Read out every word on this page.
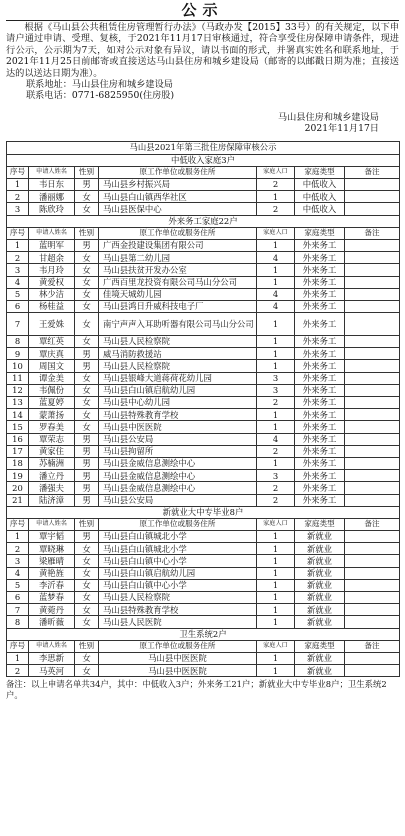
公示

根据《马山县公共租赁住房管理暂行办法》（马政办发【2015】33号）的有关规定，以下申请户通过申请、受理、复核，于2021年11月17日审核通过，符合享受住房保障申请条件，现进行公示，公示期为7天，如对公示对象有异议，请以书面的形式，并署真实姓名和联系地址，于2021年11月25日前邮寄或直接送达马山县住房和城乡建设局（邮寄的以邮戳日期为准；直接送达的以送达日期为准）。

联系地址：马山县住房和城乡建设局
联系电话：0771-6825950(住房股)
马山县住房和城乡建设局
2021年11月17日
马山县2021年第三批住房保障审核公示						
中低收入家庭3户						
序号	申请人姓名	性别	原工作单位或服务住所	家庭人口	家庭类型	备注
1	韦日东	男	马山县乡村振兴局	2	中低收入	
2	潘丽娜	女	马山县白山镇西华社区	1	中低收入	
3	陈欣玲	女	马山县医保中心	2	中低收入	
外来务工家庭22户						
序号	申请人姓名	性别	原工作单位或服务住所	家庭人口	家庭类型	备注
1	蓝明军	男	广西金投建设集团有限公司	1	外来务工	
2	甘超余	女	马山县第二幼儿园	4	外来务工	
3	韦月玲	女	马山县扶贫开发办公室	1	外来务工	
4	黄爱权	女	广西百里龙投资有限公司马山分公司	1	外来务工	
5	林少洁	女	佳境天城幼儿园	4	外来务工	
6	杨桂益	女	马山县鸿日升威科技电子厂	4	外来务工	
7	王爱姝	女	南宁声声入耳助听器有限公司马山分公司	1	外来务工	
8	覃红英	女	马山县人民检察院	1	外来务工	
9	覃庆真	男	威马消防救援站	1	外来务工	
10	周国文	男	马山县人民检察院	1	外来务工	
11	谭金美	女	马山县银峰大道蒋荷花幼儿园	3	外来务工	
12	韦佩份	女	马山县白山镇启航幼儿园	3	外来务工	
13	蓝夏婷	女	马山县中心幼儿园	2	外来务工	
14	蒙萧扬	女	马山县特殊教育学校	1	外来务工	
15	罗春美	女	马山县中医医院	1	外来务工	
16	覃荣志	男	马山县公安局	4	外来务工	
17	黄家住	男	马山县拘留所	2	外来务工	
18	苏楠洲	男	马山县金威信息测绘中心	1	外来务工	
19	潘立丹	男	马山县金威信息测绘中心	3	外来务工	
20	潘强夫	男	马山县金威信息测绘中心	2	外来务工	
21	陆济漳	男	马山县公安局	2	外来务工	
新就业大中专毕业8户						
序号	申请人姓名	性别	原工作单位或服务住所	家庭人口	家庭类型	备注
1	覃宇韬	男	马山县白山镇城北小学	1	新就业	
2	覃晓琳	女	马山县白山镇城北小学	1	新就业	
3	梁雁晴	女	马山县白山镇中心小学	1	新就业	
4	黄艳旌	女	马山县白山镇启航幼儿园	1	新就业	
5	李沂春	女	马山县白山镇中心小学	1	新就业	
6	蓝梦春	女	马山县人民检察院	1	新就业	
7	黄菀丹	女	马山县特殊教育学校	1	新就业	
8	潘昕薇	女	马山县人民医院	1	新就业	
卫生系统2户						
序号	申请人姓名	性别	原工作单位或服务住所	家庭人口	家庭类型	备注
1	李思新	女	马山县中医医院	1	新就业	
2	马英河	女	马山县中医医院	1	新就业	
备注：以上申请名单共34户，其中：中低收入3户；外来务工21户；新就业大中专毕业8户；卫生系统2户。
